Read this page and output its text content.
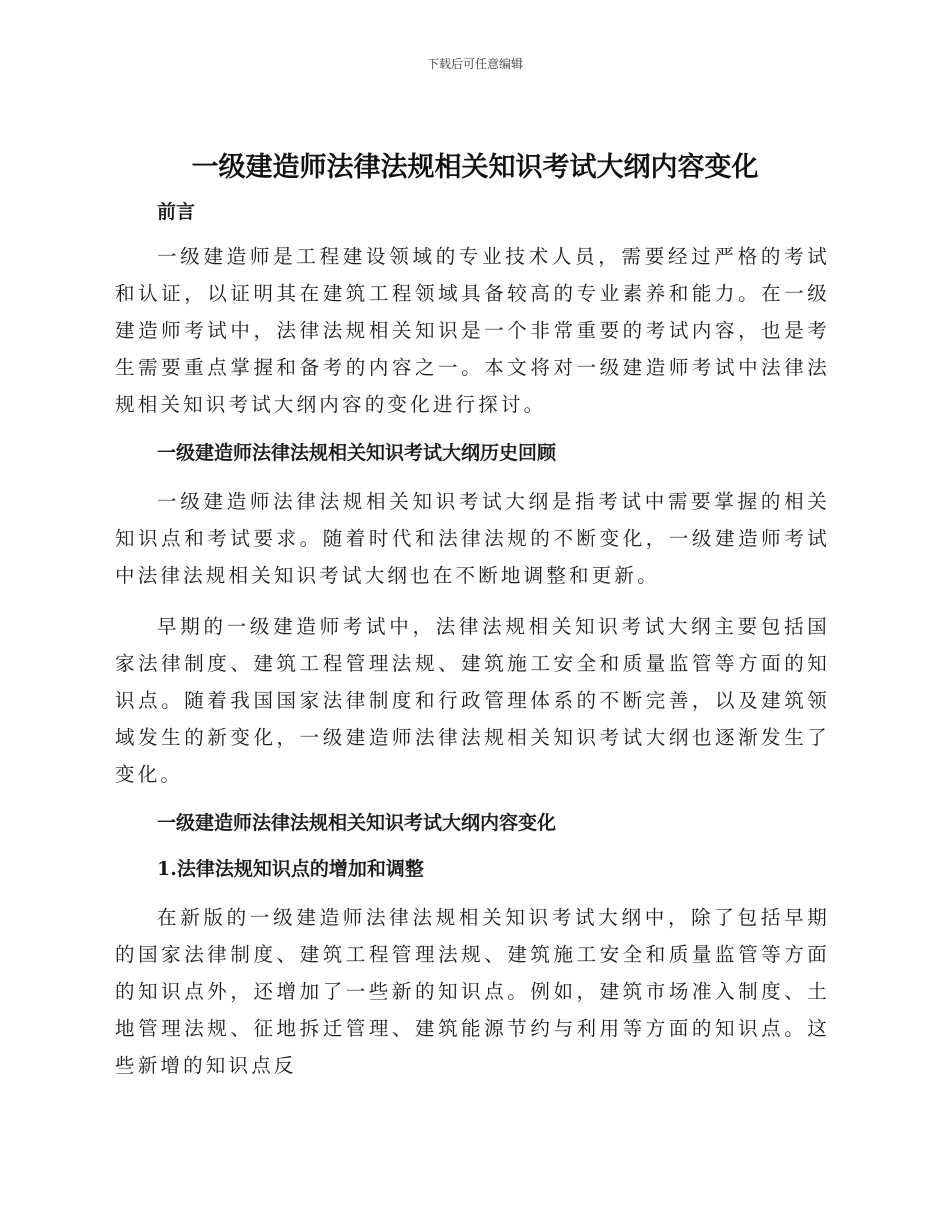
下载后可任意编辑
一级建造师法律法规相关知识考试大纲内容变化
前言

一级建造师是工程建设领域的专业技术人员，需要经过严格的考试和认证，以证明其在建筑工程领域具备较高的专业素养和能力。在一级建造师考试中，法律法规相关知识是一个非常重要的考试内容，也是考生需要重点掌握和备考的内容之一。本文将对一级建造师考试中法律法规相关知识考试大纲内容的变化进行探讨。

一级建造师法律法规相关知识考试大纲历史回顾

一级建造师法律法规相关知识考试大纲是指考试中需要掌握的相关知识点和考试要求。随着时代和法律法规的不断变化，一级建造师考试中法律法规相关知识考试大纲也在不断地调整和更新。

早期的一级建造师考试中，法律法规相关知识考试大纲主要包括国家法律制度、建筑工程管理法规、建筑施工安全和质量监管等方面的知识点。随着我国国家法律制度和行政管理体系的不断完善，以及建筑领域发生的新变化，一级建造师法律法规相关知识考试大纲也逐渐发生了变化。

一级建造师法律法规相关知识考试大纲内容变化
1.法律法规知识点的增加和调整

在新版的一级建造师法律法规相关知识考试大纲中，除了包括早期的国家法律制度、建筑工程管理法规、建筑施工安全和质量监管等方面的知识点外，还增加了一些新的知识点。例如，建筑市场准入制度、土地管理法规、征地拆迁管理、建筑能源节约与利用等方面的知识点。这些新增的知识点反
